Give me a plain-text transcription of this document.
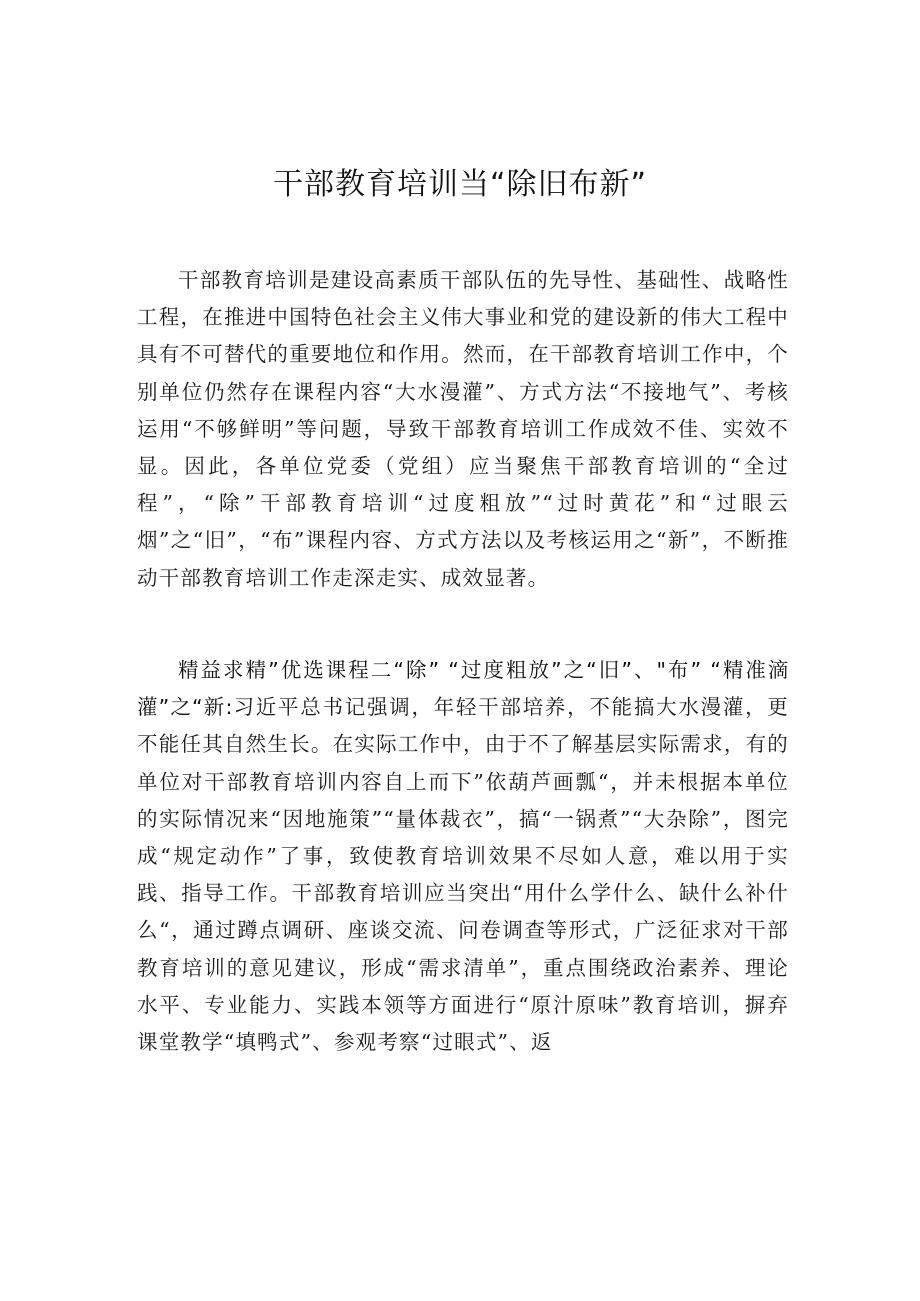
干部教育培训当“除旧布新”

干部教育培训是建设高素质干部队伍的先导性、基础性、战略性工程，在推进中国特色社会主义伟大事业和党的建设新的伟大工程中具有不可替代的重要地位和作用。然而，在干部教育培训工作中，个别单位仍然存在课程内容“大水漫灌”、方式方法“不接地气”、考核运用“不够鲜明”等问题，导致干部教育培训工作成效不佳、实效不显。因此，各单位党委（党组）应当聚焦干部教育培训的“全过程”，“除”干部教育培训“过度粗放”“过时黄花”和“过眼云烟”之“旧”，“布”课程内容、方式方法以及考核运用之“新”，不断推动干部教育培训工作走深走实、成效显著。

精益求精”优选课程二“除” “过度粗放”之“旧”、"布” “精准滴灌”之“新:习近平总书记强调，年轻干部培养，不能搞大水漫灌，更不能任其自然生长。在实际工作中，由于不了解基层实际需求，有的单位对干部教育培训内容自上而下”依葫芦画瓢“，并未根据本单位的实际情况来“因地施策”“量体裁衣”，搞“一锅煮”“大杂除”，图完成“规定动作”了事，致使教育培训效果不尽如人意，难以用于实践、指导工作。干部教育培训应当突出“用什么学什么、缺什么补什么“，通过蹲点调研、座谈交流、问卷调查等形式，广泛征求对干部教育培训的意见建议，形成“需求清单”，重点围绕政治素养、理论水平、专业能力、实践本领等方面进行“原汁原味”教育培训，摒弃课堂教学“填鸭式”、参观考察“过眼式”、返
